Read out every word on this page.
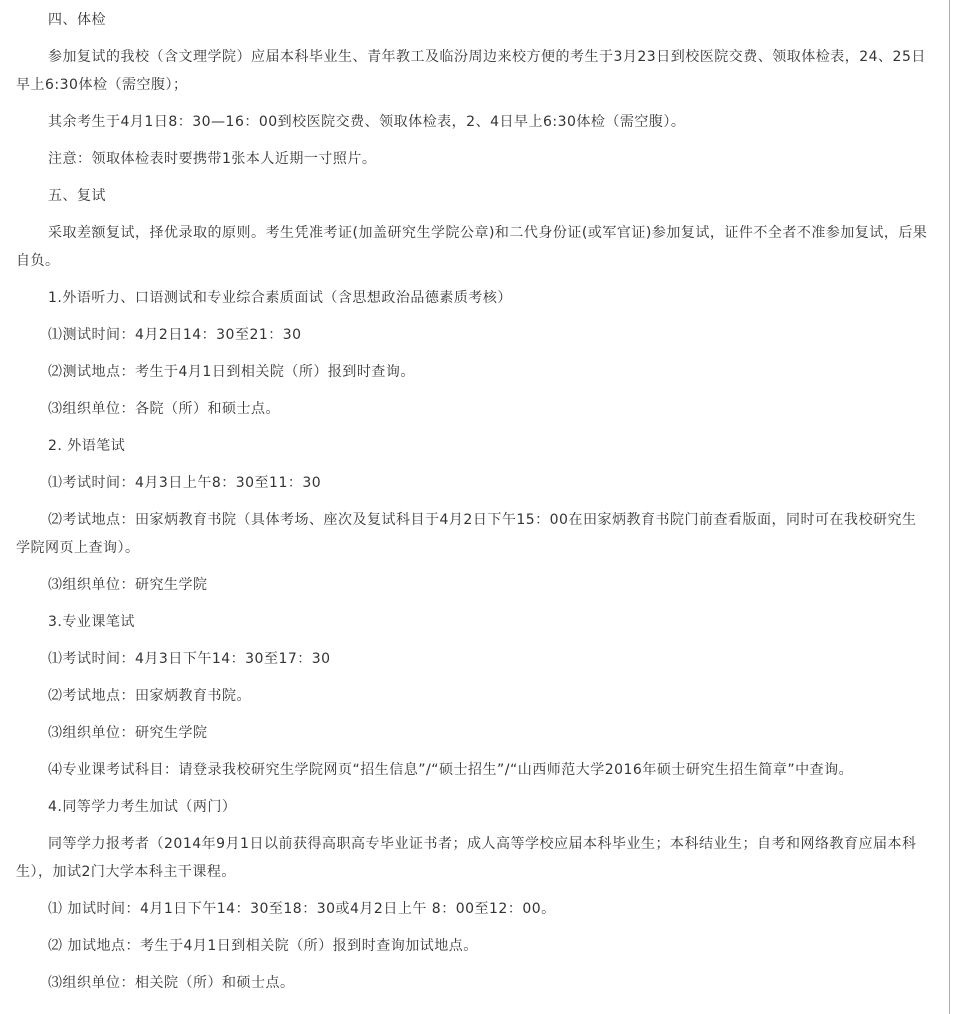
四、体检

参加复试的我校（含文理学院）应届本科毕业生、青年教工及临汾周边来校方便的考生于3月23日到校医院交费、领取体检表，24、25日早上6:30体检（需空腹）；

其余考生于4月1日8：30—16：00到校医院交费、领取体检表，2、4日早上6:30体检（需空腹）。

注意：领取体检表时要携带1张本人近期一寸照片。

五、复试

采取差额复试，择优录取的原则。考生凭准考证(加盖研究生学院公章)和二代身份证(或军官证)参加复试，证件不全者不准参加复试，后果自负。

1.外语听力、口语测试和专业综合素质面试（含思想政治品德素质考核）

⑴测试时间：4月2日14：30至21：30

⑵测试地点：考生于4月1日到相关院（所）报到时查询。

⑶组织单位：各院（所）和硕士点。

2. 外语笔试

⑴考试时间：4月3日上午8：30至11：30

⑵考试地点：田家炳教育书院（具体考场、座次及复试科目于4月2日下午15：00在田家炳教育书院门前查看版面，同时可在我校研究生学院网页上查询）。

⑶组织单位：研究生学院

3.专业课笔试

⑴考试时间：4月3日下午14：30至17：30

⑵考试地点：田家炳教育书院。

⑶组织单位：研究生学院

⑷专业课考试科目：请登录我校研究生学院网页“招生信息”/“硕士招生”/“山西师范大学2016年硕士研究生招生简章”中查询。

4.同等学力考生加试（两门）

同等学力报考者（2014年9月1日以前获得高职高专毕业证书者；成人高等学校应届本科毕业生；本科结业生；自考和网络教育应届本科生），加试2门大学本科主干课程。

⑴ 加试时间：4月1日下午14：30至18：30或4月2日上午 8：00至12：00。

⑵ 加试地点：考生于4月1日到相关院（所）报到时查询加试地点。

⑶组织单位：相关院（所）和硕士点。
